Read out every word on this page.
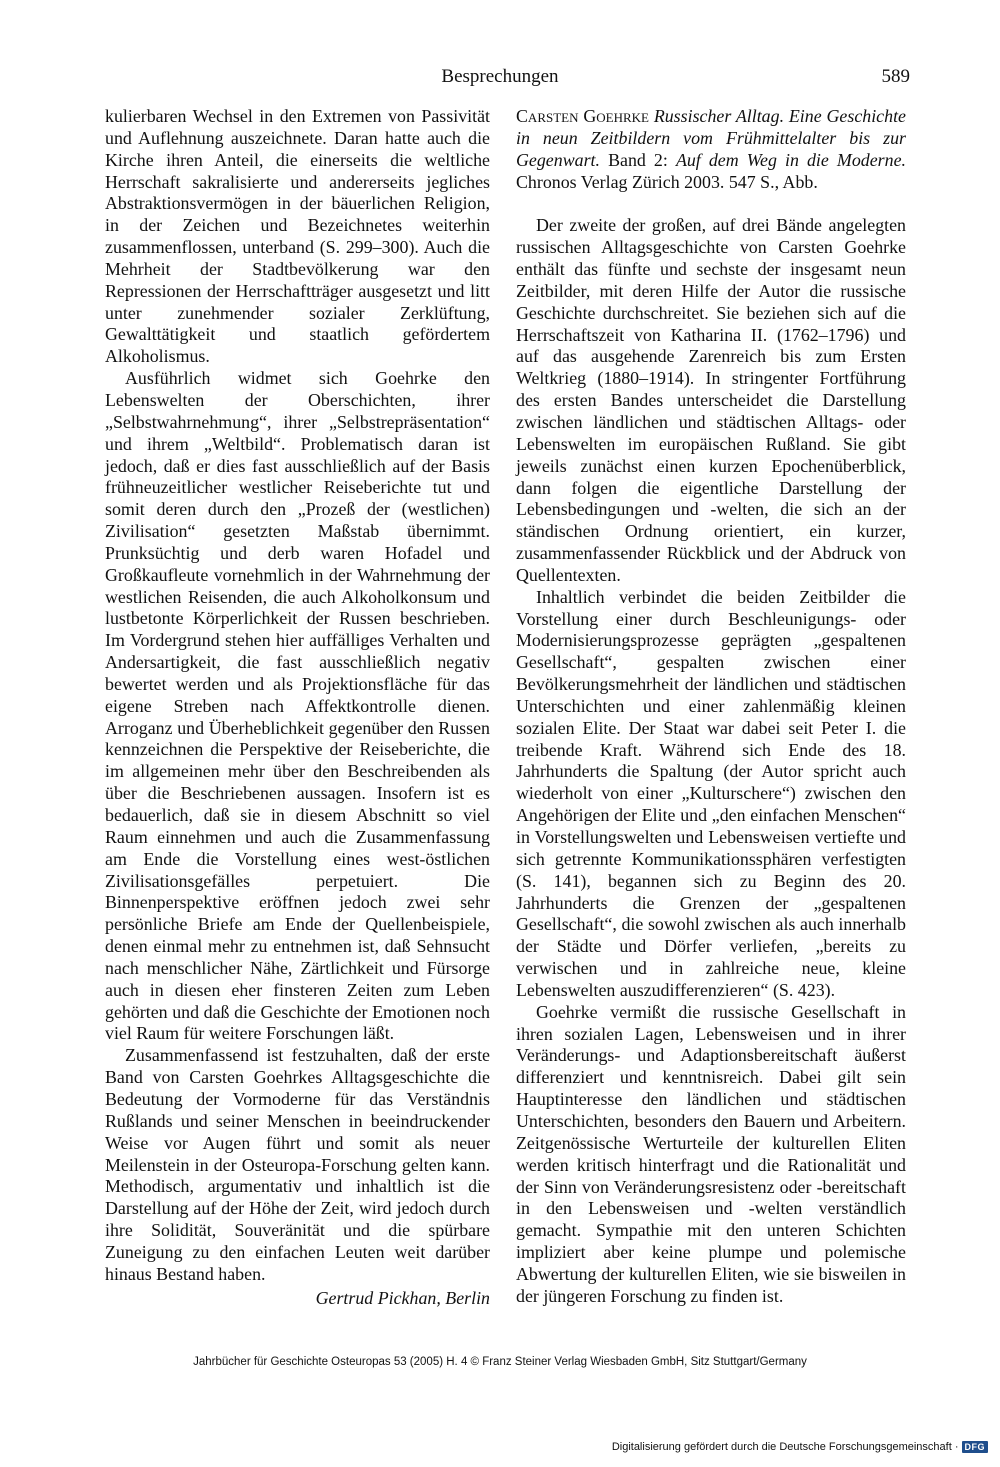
Besprechungen	589

kulierbaren Wechsel in den Extremen von Passivität und Auflehnung auszeichnete. Daran hatte auch die Kirche ihren Anteil, die einerseits die weltliche Herrschaft sakralisierte und andererseits jegliches Abstraktionsvermögen in der bäuerlichen Religion, in der Zeichen und Bezeichnetes weiterhin zusammenflossen, unterband (S. 299–300). Auch die Mehrheit der Stadtbevölkerung war den Repressionen der Herrschaftträger ausgesetzt und litt unter zunehmender sozialer Zerklüftung, Gewalttätigkeit und staatlich gefördertem Alkoholismus.

Ausführlich widmet sich Goehrke den Lebenswelten der Oberschichten, ihrer „Selbstwahrnehmung“, ihrer „Selbstrepräsentation“ und ihrem „Weltbild“. Problematisch daran ist jedoch, daß er dies fast ausschließlich auf der Basis frühneuzeitlicher westlicher Reiseberichte tut und somit deren durch den „Prozeß der (westlichen) Zivilisation“ gesetzten Maßstab übernimmt. Prunksüchtig und derb waren Hofadel und Großkaufleute vornehmlich in der Wahrnehmung der westlichen Reisenden, die auch Alkoholkonsum und lustbetonte Körperlichkeit der Russen beschrieben. Im Vordergrund stehen hier auffälliges Verhalten und Andersartigkeit, die fast ausschließlich negativ bewertet werden und als Projektionsfläche für das eigene Streben nach Affektkontrolle dienen. Arroganz und Überheblichkeit gegenüber den Russen kennzeichnen die Perspektive der Reiseberichte, die im allgemeinen mehr über den Beschreibenden als über die Beschriebenen aussagen. Insofern ist es bedauerlich, daß sie in diesem Abschnitt so viel Raum einnehmen und auch die Zusammenfassung am Ende die Vorstellung eines west-östlichen Zivilisationsgefälles perpetuiert. Die Binnenperspektive eröffnen jedoch zwei sehr persönliche Briefe am Ende der Quellenbeispiele, denen einmal mehr zu entnehmen ist, daß Sehnsucht nach menschlicher Nähe, Zärtlichkeit und Fürsorge auch in diesen eher finsteren Zeiten zum Leben gehörten und daß die Geschichte der Emotionen noch viel Raum für weitere Forschungen läßt.

Zusammenfassend ist festzuhalten, daß der erste Band von Carsten Goehrkes Alltagsgeschichte die Bedeutung der Vormoderne für das Verständnis Rußlands und seiner Menschen in beeindruckender Weise vor Augen führt und somit als neuer Meilenstein in der Osteuropa-Forschung gelten kann. Methodisch, argumentativ und inhaltlich ist die Darstellung auf der Höhe der Zeit, wird jedoch durch ihre Solidität, Souveränität und die spürbare Zuneigung zu den einfachen Leuten weit darüber hinaus Bestand haben.

Gertrud Pickhan, Berlin

Carsten Goehrke Russischer Alltag. Eine Geschichte in neun Zeitbildern vom Frühmittelalter bis zur Gegenwart. Band 2: Auf dem Weg in die Moderne. Chronos Verlag Zürich 2003. 547 S., Abb.

Der zweite der großen, auf drei Bände angelegten russischen Alltagsgeschichte von Carsten Goehrke enthält das fünfte und sechste der insgesamt neun Zeitbilder, mit deren Hilfe der Autor die russische Geschichte durchschreitet. Sie beziehen sich auf die Herrschaftszeit von Katharina II. (1762–1796) und auf das ausgehende Zarenreich bis zum Ersten Weltkrieg (1880–1914). In stringenter Fortführung des ersten Bandes unterscheidet die Darstellung zwischen ländlichen und städtischen Alltags- oder Lebenswelten im europäischen Rußland. Sie gibt jeweils zunächst einen kurzen Epochenüberblick, dann folgen die eigentliche Darstellung der Lebensbedingungen und -welten, die sich an der ständischen Ordnung orientiert, ein kurzer, zusammenfassender Rückblick und der Abdruck von Quellentexten.

Inhaltlich verbindet die beiden Zeitbilder die Vorstellung einer durch Beschleunigungs- oder Modernisierungsprozesse geprägten „gespaltenen Gesellschaft“, gespalten zwischen einer Bevölkerungsmehrheit der ländlichen und städtischen Unterschichten und einer zahlenmäßig kleinen sozialen Elite. Der Staat war dabei seit Peter I. die treibende Kraft. Während sich Ende des 18. Jahrhunderts die Spaltung (der Autor spricht auch wiederholt von einer „Kulturschere“) zwischen den Angehörigen der Elite und „den einfachen Menschen“ in Vorstellungswelten und Lebensweisen vertiefte und sich getrennte Kommunikationssphären verfestigten (S. 141), begannen sich zu Beginn des 20. Jahrhunderts die Grenzen der „gespaltenen Gesellschaft“, die sowohl zwischen als auch innerhalb der Städte und Dörfer verliefen, „bereits zu verwischen und in zahlreiche neue, kleine Lebenswelten auszudifferenzieren“ (S. 423).

Goehrke vermißt die russische Gesellschaft in ihren sozialen Lagen, Lebensweisen und in ihrer Veränderungs- und Adaptionsbereitschaft äußerst differenziert und kenntnisreich. Dabei gilt sein Hauptinteresse den ländlichen und städtischen Unterschichten, besonders den Bauern und Arbeitern. Zeitgenössische Werturteile der kulturellen Eliten werden kritisch hinterfragt und die Rationalität und der Sinn von Veränderungsresistenz oder -bereitschaft in den Lebensweisen und -welten verständlich gemacht. Sympathie mit den unteren Schichten impliziert aber keine plumpe und polemische Abwertung der kulturellen Eliten, wie sie bisweilen in der jüngeren Forschung zu finden ist.

Jahrbücher für Geschichte Osteuropas 53 (2005) H. 4 © Franz Steiner Verlag Wiesbaden GmbH, Sitz Stuttgart/Germany
Digitalisierung gefördert durch die Deutsche Forschungsgemeinschaft · DFG
